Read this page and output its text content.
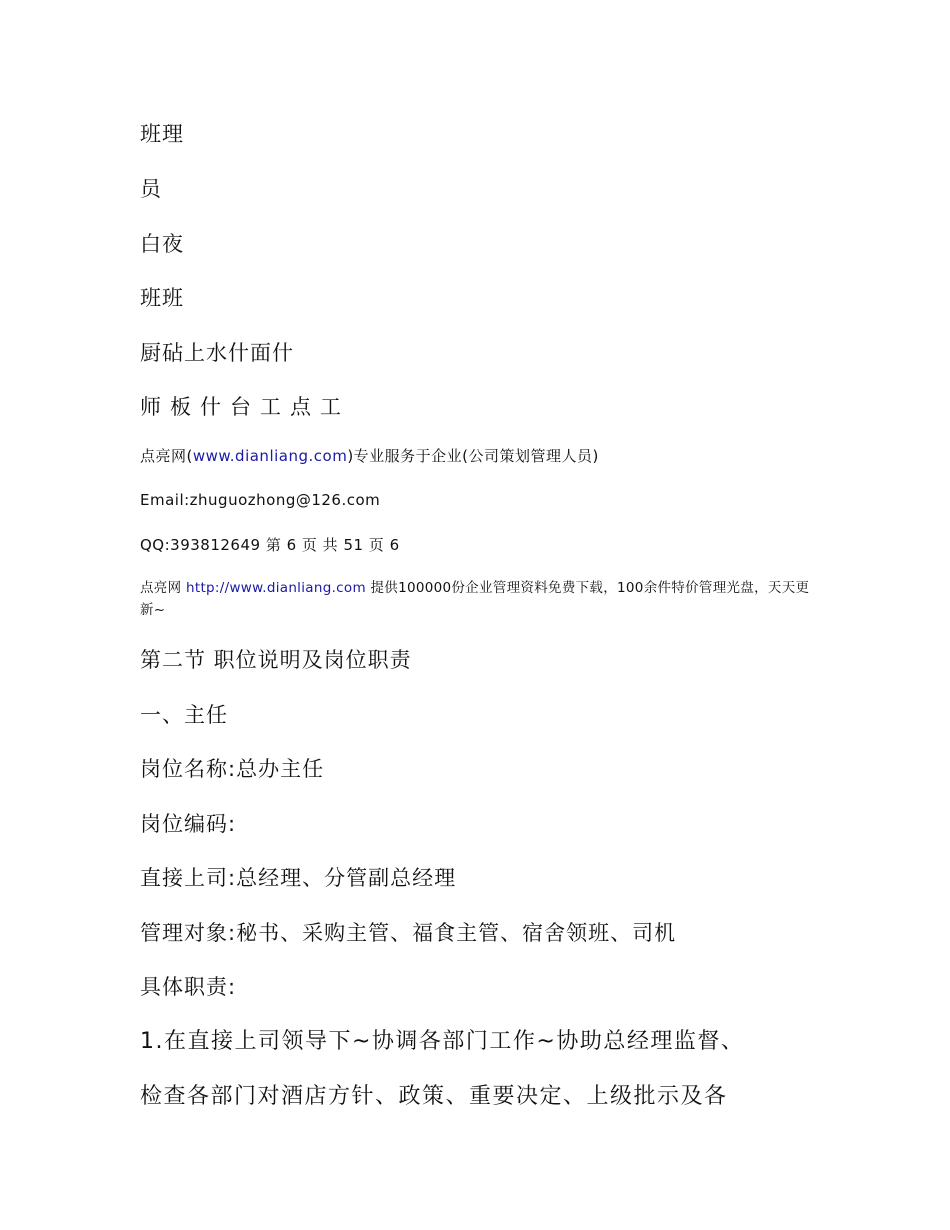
班理
员
白夜
班班
厨砧上水什面什
师板什台工点工
点亮网(www.dianliang.com)专业服务于企业(公司策划管理人员)
Email:zhuguozhong@126.com
QQ:393812649 第 6 页 共 51 页 6
点亮网 http://www.dianliang.com 提供100000份企业管理资料免费下载，100余件特价管理光盘，天天更新~
第二节 职位说明及岗位职责
一、主任
岗位名称:总办主任
岗位编码:
直接上司:总经理、分管副总经理
管理对象:秘书、采购主管、福食主管、宿舍领班、司机
具体职责:
1.在直接上司领导下~协调各部门工作~协助总经理监督、
检查各部门对酒店方针、政策、重要决定、上级批示及各
